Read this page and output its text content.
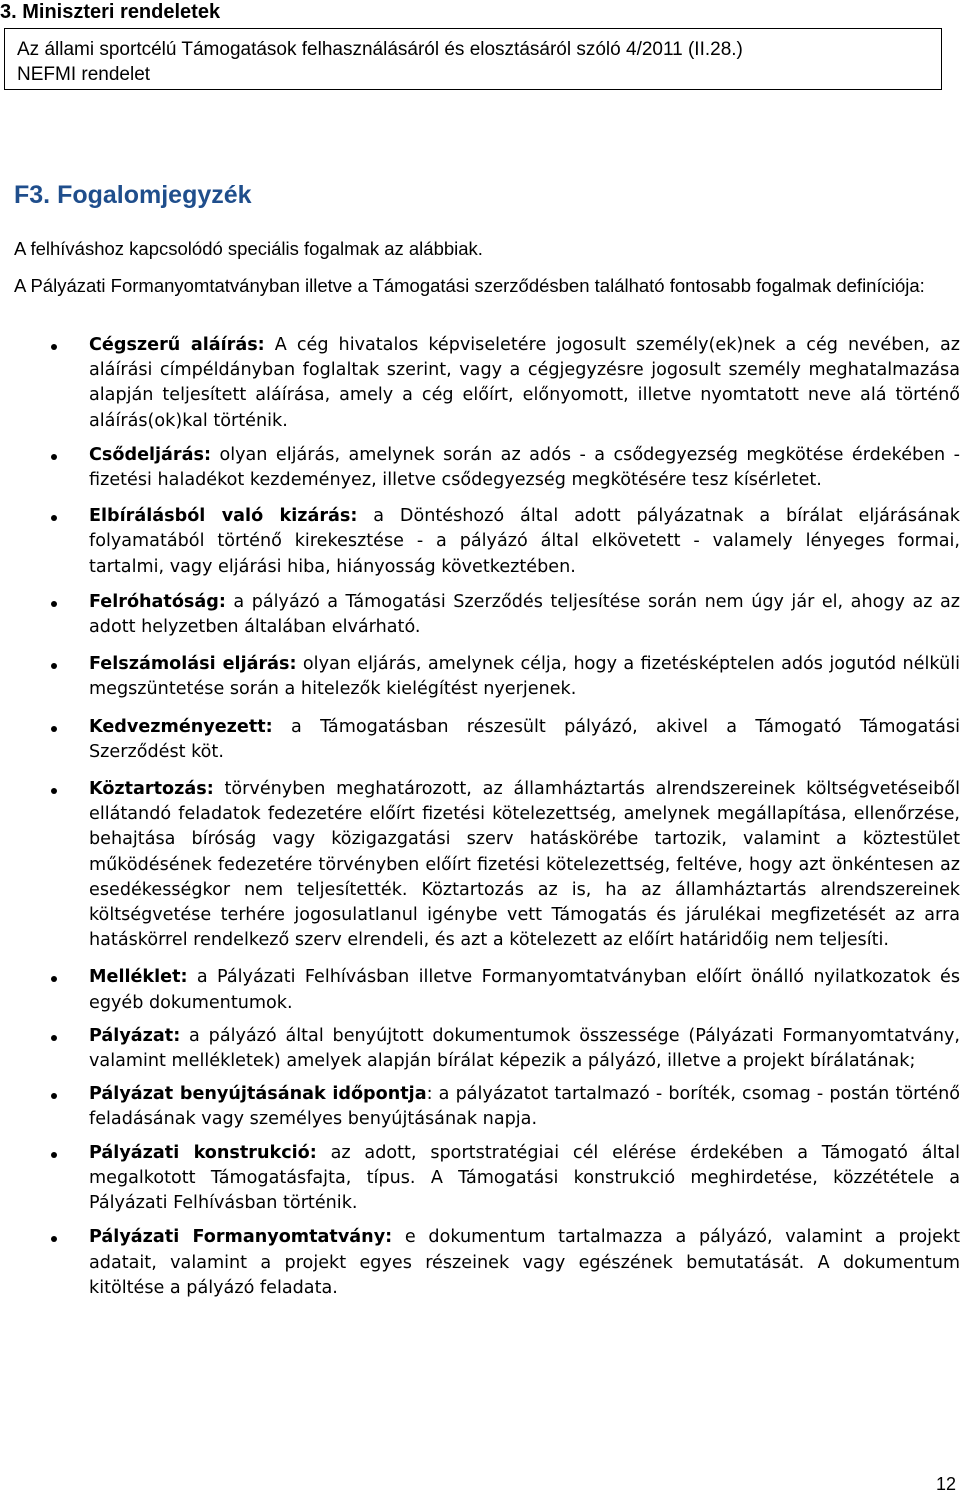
3. Miniszteri rendeletek
Az állami sportcélú Támogatások felhasználásáról és elosztásáról szóló 4/2011 (II.28.)
NEFMI rendelet
F3. Fogalomjegyzék
A felhíváshoz kapcsolódó speciális fogalmak az alábbiak.
A Pályázati Formanyomtatványban illetve a Támogatási szerződésben található fontosabb fogalmak definíciója:
Cégszerű aláírás: A cég hivatalos képviseletére jogosult személy(ek)nek a cég nevében, az aláírási címpéldányban foglaltak szerint, vagy a cégjegyzésre jogosult személy meghatalmazása alapján teljesített aláírása, amely a cég előírt, előnyomott, illetve nyomtatott neve alá történő aláírás(ok)kal történik.
Csődeljárás: olyan eljárás, amelynek során az adós - a csődegyezség megkötése érdekében - fizetési haladékot kezdeményez, illetve csődegyezség megkötésére tesz kísérletet.
Elbírálásból való kizárás: a Döntéshozó által adott pályázatnak a bírálat eljárásának folyamatából történő kirekesztése - a pályázó által elkövetett - valamely lényeges formai, tartalmi, vagy eljárási hiba, hiányosság következtében.
Felróhatóság: a pályázó a Támogatási Szerződés teljesítése során nem úgy jár el, ahogy az az adott helyzetben általában elvárható.
Felszámolási eljárás: olyan eljárás, amelynek célja, hogy a fizetésképtelen adós jogutód nélküli megszüntetése során a hitelezők kielégítést nyerjenek.
Kedvezményezett: a Támogatásban részesült pályázó, akivel a Támogató Támogatási Szerződést köt.
Köztartozás: törvényben meghatározott, az államháztartás alrendszereinek költségvetéseiből ellátandó feladatok fedezetére előírt fizetési kötelezettség, amelynek megállapítása, ellenőrzése, behajtása bíróság vagy közigazgatási szerv hatáskörébe tartozik, valamint a köztestület működésének fedezetére törvényben előírt fizetési kötelezettség, feltéve, hogy azt önkéntesen az esedékességkor nem teljesítették. Köztartozás az is, ha az államháztartás alrendszereinek költségvetése terhére jogosulatlanul igénybe vett Támogatás és járulékai megfizetését az arra hatáskörrel rendelkező szerv elrendeli, és azt a kötelezett az előírt határidőig nem teljesíti.
Melléklet: a Pályázati Felhívásban illetve Formanyomtatványban előírt önálló nyilatkozatok és egyéb dokumentumok.
Pályázat: a pályázó által benyújtott dokumentumok összessége (Pályázati Formanyomtatvány, valamint mellékletek) amelyek alapján bírálat képezik a pályázó, illetve a projekt bírálatának;
Pályázat benyújtásának időpontja: a pályázatot tartalmazó - boríték, csomag - postán történő feladásának vagy személyes benyújtásának napja.
Pályázati konstrukció: az adott, sportstratégiai cél elérése érdekében a Támogató által megalkotott Támogatásfajta, típus. A Támogatási konstrukció meghirdetése, közzététele a Pályázati Felhívásban történik.
Pályázati Formanyomtatvány: e dokumentum tartalmazza a pályázó, valamint a projekt adatait, valamint a projekt egyes részeinek vagy egészének bemutatását. A dokumentum kitöltése a pályázó feladata.
12
